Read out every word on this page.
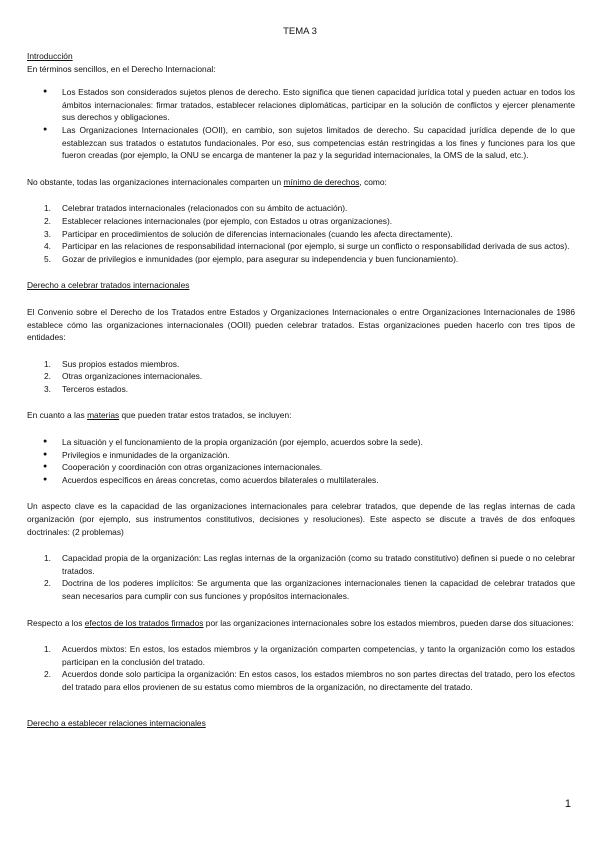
TEMA 3

Introducción

En términos sencillos, en el Derecho Internacional:

● Los Estados son considerados sujetos plenos de derecho. Esto significa que tienen capacidad jurídica total y pueden actuar en todos los ámbitos internacionales: firmar tratados, establecer relaciones diplomáticas, participar en la solución de conflictos y ejercer plenamente sus derechos y obligaciones.
● Las Organizaciones Internacionales (OOII), en cambio, son sujetos limitados de derecho. Su capacidad jurídica depende de lo que establezcan sus tratados o estatutos fundacionales. Por eso, sus competencias están restringidas a los fines y funciones para los que fueron creadas (por ejemplo, la ONU se encarga de mantener la paz y la seguridad internacionales, la OMS de la salud, etc.).

No obstante, todas las organizaciones internacionales comparten un mínimo de derechos, como:

1. Celebrar tratados internacionales (relacionados con su ámbito de actuación).
2. Establecer relaciones internacionales (por ejemplo, con Estados u otras organizaciones).
3. Participar en procedimientos de solución de diferencias internacionales (cuando les afecta directamente).
4. Participar en las relaciones de responsabilidad internacional (por ejemplo, si surge un conflicto o responsabilidad derivada de sus actos).
5. Gozar de privilegios e inmunidades (por ejemplo, para asegurar su independencia y buen funcionamiento).

Derecho a celebrar tratados internacionales

El Convenio sobre el Derecho de los Tratados entre Estados y Organizaciones Internacionales o entre Organizaciones Internacionales de 1986 establece cómo las organizaciones internacionales (OOII) pueden celebrar tratados. Estas organizaciones pueden hacerlo con tres tipos de entidades:

1. Sus propios estados miembros.
2. Otras organizaciones internacionales.
3. Terceros estados.

En cuanto a las materias que pueden tratar estos tratados, se incluyen:

● La situación y el funcionamiento de la propia organización (por ejemplo, acuerdos sobre la sede).
● Privilegios e inmunidades de la organización.
● Cooperación y coordinación con otras organizaciones internacionales.
● Acuerdos específicos en áreas concretas, como acuerdos bilaterales o multilaterales.

Un aspecto clave es la capacidad de las organizaciones internacionales para celebrar tratados, que depende de las reglas internas de cada organización (por ejemplo, sus instrumentos constitutivos, decisiones y resoluciones). Este aspecto se discute a través de dos enfoques doctrinales: (2 problemas)

1. Capacidad propia de la organización: Las reglas internas de la organización (como su tratado constitutivo) definen si puede o no celebrar tratados.
2. Doctrina de los poderes implícitos: Se argumenta que las organizaciones internacionales tienen la capacidad de celebrar tratados que sean necesarios para cumplir con sus funciones y propósitos internacionales.

Respecto a los efectos de los tratados firmados por las organizaciones internacionales sobre los estados miembros, pueden darse dos situaciones:

1. Acuerdos mixtos: En estos, los estados miembros y la organización comparten competencias, y tanto la organización como los estados participan en la conclusión del tratado.
2. Acuerdos donde solo participa la organización: En estos casos, los estados miembros no son partes directas del tratado, pero los efectos del tratado para ellos provienen de su estatus como miembros de la organización, no directamente del tratado.

Derecho a establecer relaciones internacionales

1
